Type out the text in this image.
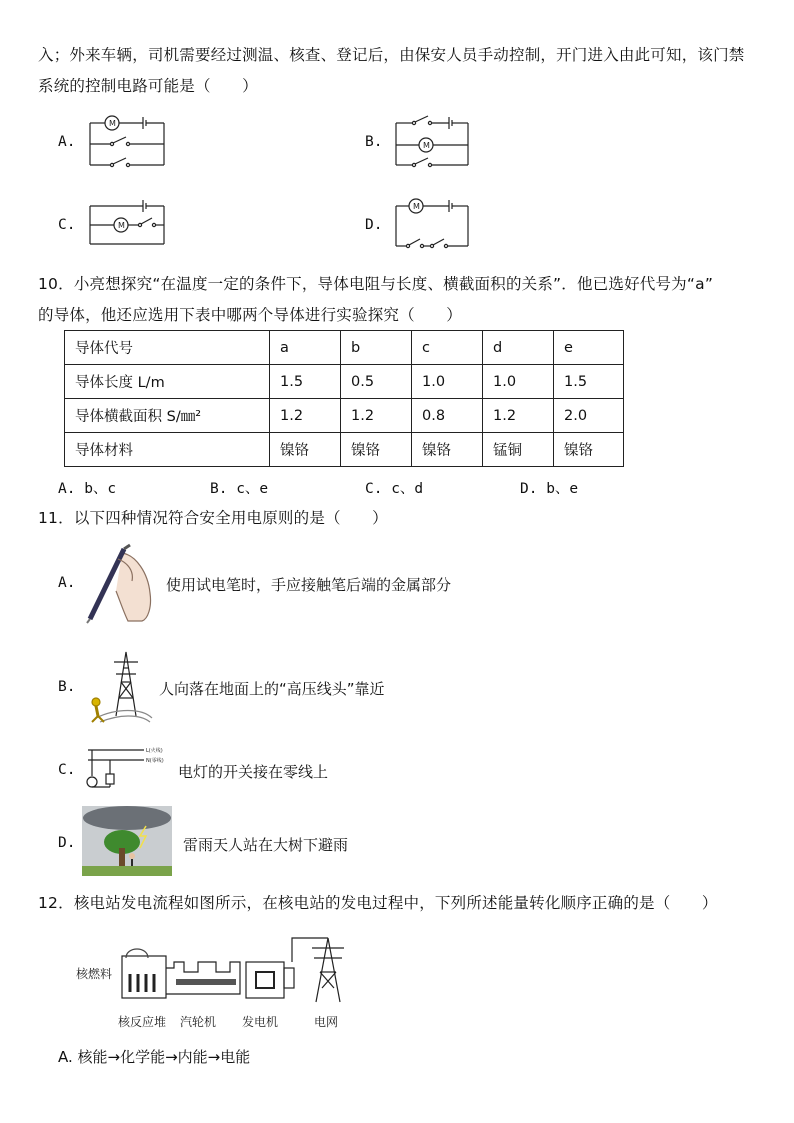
入；外来车辆，司机需要经过测温、核查、登记后，由保安人员手动控制，开门进入由此可知，该门禁
系统的控制电路可能是（　　）
A.
M
B.	M
C.	M	D.
M
10．小亮想探究“在温度一定的条件下，导体电阻与长度、横截面积的关系”．他已选好代号为“a”
的导体，他还应选用下表中哪两个导体进行实验探究（　　）
导体代号	a	b	c	d	e
导体长度 L/m	1.5	0.5	1.0	1.0	1.5
导体横截面积 S/㎜²	1.2	1.2	0.8	1.2	2.0
导体材料	镍铬	镍铬	镍铬	锰铜	镍铬
A. b、c	B. c、e	C. c、d	D. b、e
11．以下四种情况符合安全用电原则的是（　　）
A.	使用试电笔时，手应接触笔后端的金属部分
B.	人向落在地面上的“高压线头”靠近
C.
L(火线)
N(零线)
电灯的开关接在零线上
D.	雷雨天人站在大树下避雨
12．核电站发电流程如图所示，在核电站的发电过程中，下列所述能量转化顺序正确的是（　　）
核燃料
核反应堆 汽轮机 发电机	电网
A. 核能→化学能→内能→电能
